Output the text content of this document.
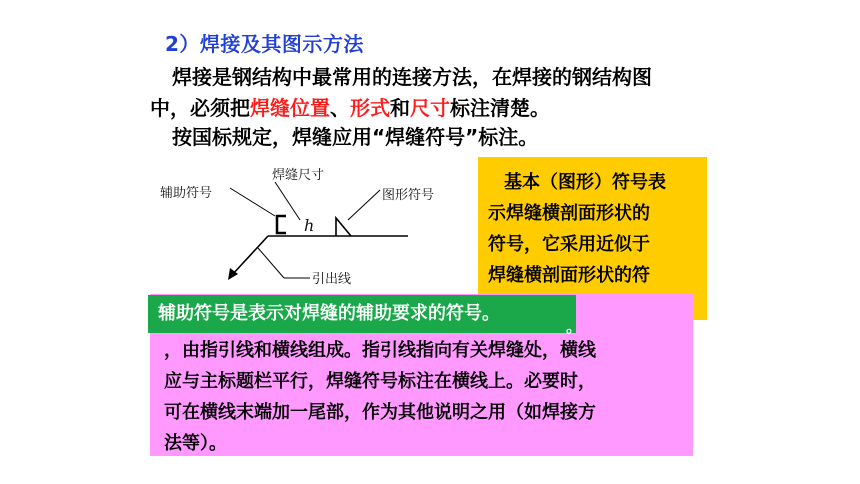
2）焊接及其图示方法
焊接是钢结构中最常用的连接方法，在焊接的钢结构图
中，必须把焊缝位置、形式和尺寸标注清楚。
按国标规定，焊缝应用“焊缝符号”标注。
焊缝尺寸
辅助符号	图形符号
引出线
h
基本（图形）符号表
示焊缝横剖面形状的
符号，它采用近似于
焊缝横剖面形状的符
，由指引线和横线组成。指引线指向有关焊缝处，横线
应与主标题栏平行，焊缝符号标注在横线上。必要时，
可在横线末端加一尾部，作为其他说明之用（如焊接方
法等）。
辅助符号是表示对焊缝的辅助要求的符号。
。
